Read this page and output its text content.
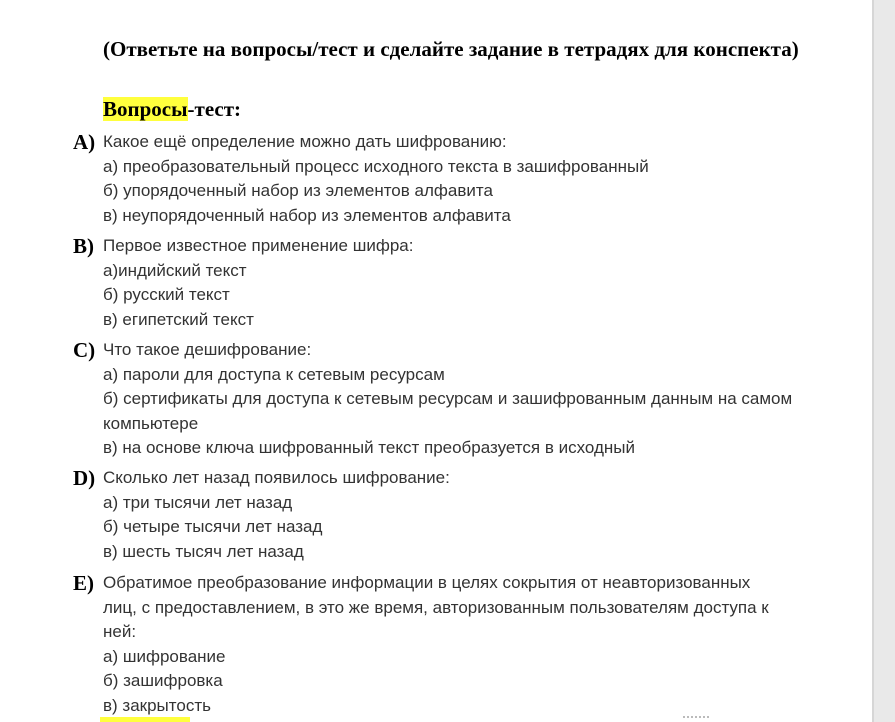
(Ответьте на вопросы/тест и сделайте задание в тетрадях для конспекта)
Вопросы-тест:
A) Какое ещё определение можно дать шифрованию:
а) преобразовательный процесс исходного текста в зашифрованный
б) упорядоченный набор из элементов алфавита
в) неупорядоченный набор из элементов алфавита
B) Первое известное применение шифра:
а)индийский текст
б) русский текст
в) египетский текст
C) Что такое дешифрование:
а) пароли для доступа к сетевым ресурсам
б) сертификаты для доступа к сетевым ресурсам и зашифрованным данным на самом компьютере
в) на основе ключа шифрованный текст преобразуется в исходный
D) Сколько лет назад появилось шифрование:
а) три тысячи лет назад
б) четыре тысячи лет назад
в) шесть тысяч лет назад
E) Обратимое преобразование информации в целях сокрытия от неавторизованных лиц, с предоставлением, в это же время, авторизованным пользователям доступа к ней:
а) шифрование
б) зашифровка
в) закрытость
